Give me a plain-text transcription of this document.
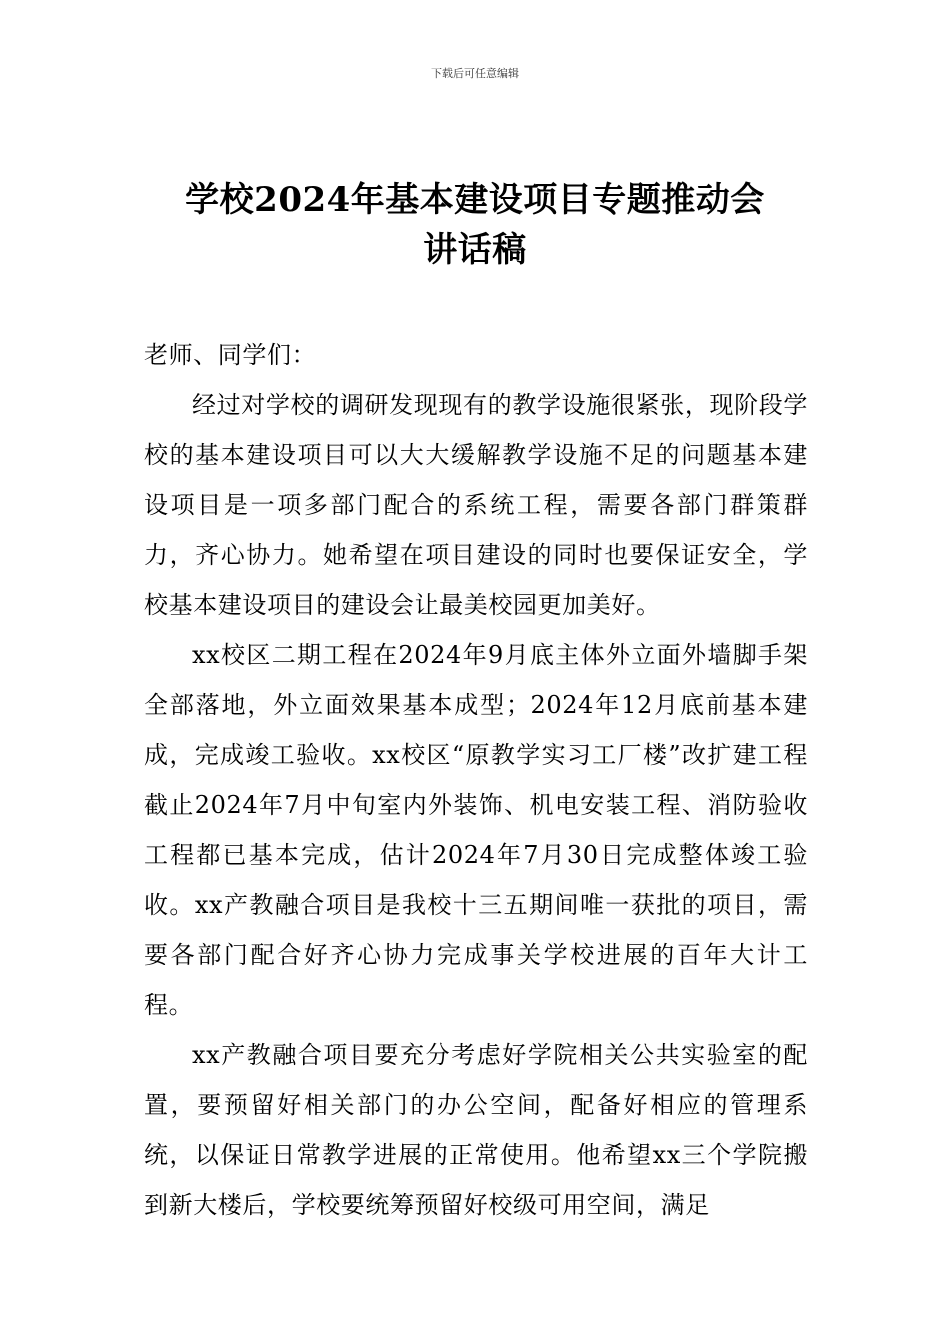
下载后可任意编辑
学校2024年基本建设项目专题推动会
讲话稿

老师、同学们：

经过对学校的调研发现现有的教学设施很紧张，现阶段学校的基本建设项目可以大大缓解教学设施不足的问题基本建设项目是一项多部门配合的系统工程，需要各部门群策群力，齐心协力。她希望在项目建设的同时也要保证安全，学校基本建设项目的建设会让最美校园更加美好。

xx校区二期工程在2024年9月底主体外立面外墙脚手架全部落地，外立面效果基本成型；2024年12月底前基本建成，完成竣工验收。xx校区“原教学实习工厂楼”改扩建工程截止2024年7月中旬室内外装饰、机电安装工程、消防验收工程都已基本完成，估计2024年7月30日完成整体竣工验收。xx产教融合项目是我校十三五期间唯一获批的项目，需要各部门配合好齐心协力完成事关学校进展的百年大计工程。

xx产教融合项目要充分考虑好学院相关公共实验室的配置，要预留好相关部门的办公空间，配备好相应的管理系统，以保证日常教学进展的正常使用。他希望xx三个学院搬到新大楼后，学校要统筹预留好校级可用空间，满足
